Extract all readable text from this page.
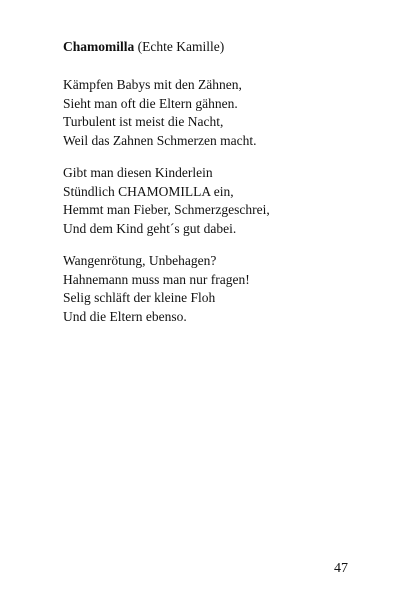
Chamomilla (Echte Kamille)
Kämpfen Babys mit den Zähnen,
Sieht man oft die Eltern gähnen.
Turbulent ist meist die Nacht,
Weil das Zahnen Schmerzen macht.
Gibt man diesen Kinderlein
Stündlich CHAMOMILLA ein,
Hemmt man Fieber, Schmerzgeschrei,
Und dem Kind geht´s gut dabei.
Wangenrötung, Unbehagen?
Hahnemann muss man nur fragen!
Selig schläft der kleine Floh
Und die Eltern ebenso.
47
